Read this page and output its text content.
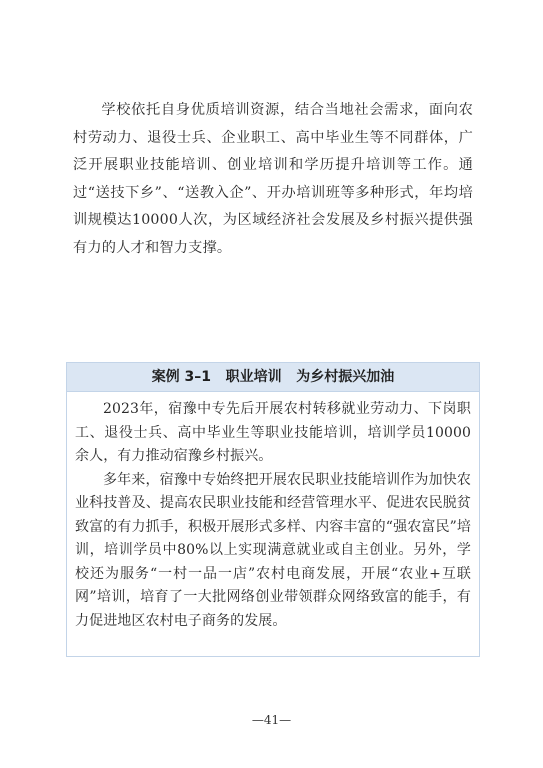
学校依托自身优质培训资源，结合当地社会需求，面向农村劳动力、退役士兵、企业职工、高中毕业生等不同群体，广泛开展职业技能培训、创业培训和学历提升培训等工作。通过“送技下乡”、“送教入企”、开办培训班等多种形式，年均培训规模达10000人次，为区域经济社会发展及乡村振兴提供强有力的人才和智力支撑。

案例 3–1   职业培训   为乡村振兴加油

2023年，宿豫中专先后开展农村转移就业劳动力、下岗职工、退役士兵、高中毕业生等职业技能培训，培训学员10000余人，有力推动宿豫乡村振兴。

多年来，宿豫中专始终把开展农民职业技能培训作为加快农业科技普及、提高农民职业技能和经营管理水平、促进农民脱贫致富的有力抓手，积极开展形式多样、内容丰富的“强农富民”培训，培训学员中80%以上实现满意就业或自主创业。另外，学校还为服务“一村一品一店”农村电商发展，开展“农业+互联网”培训，培育了一大批网络创业带领群众网络致富的能手，有力促进地区农村电子商务的发展。

—41—
